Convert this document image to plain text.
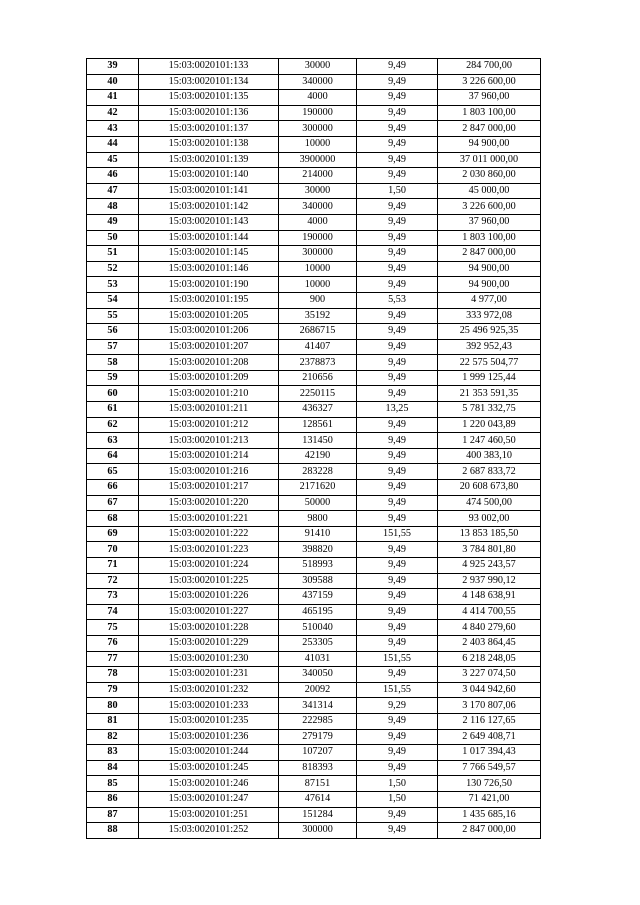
39	15:03:0020101:133	30000	9,49	284 700,00
40	15:03:0020101:134	340000	9,49	3 226 600,00
41	15:03:0020101:135	4000	9,49	37 960,00
42	15:03:0020101:136	190000	9,49	1 803 100,00
43	15:03:0020101:137	300000	9,49	2 847 000,00
44	15:03:0020101:138	10000	9,49	94 900,00
45	15:03:0020101:139	3900000	9,49	37 011 000,00
46	15:03:0020101:140	214000	9,49	2 030 860,00
47	15:03:0020101:141	30000	1,50	45 000,00
48	15:03:0020101:142	340000	9,49	3 226 600,00
49	15:03:0020101:143	4000	9,49	37 960,00
50	15:03:0020101:144	190000	9,49	1 803 100,00
51	15:03:0020101:145	300000	9,49	2 847 000,00
52	15:03:0020101:146	10000	9,49	94 900,00
53	15:03:0020101:190	10000	9,49	94 900,00
54	15:03:0020101:195	900	5,53	4 977,00
55	15:03:0020101:205	35192	9,49	333 972,08
56	15:03:0020101:206	2686715	9,49	25 496 925,35
57	15:03:0020101:207	41407	9,49	392 952,43
58	15:03:0020101:208	2378873	9,49	22 575 504,77
59	15:03:0020101:209	210656	9,49	1 999 125,44
60	15:03:0020101:210	2250115	9,49	21 353 591,35
61	15:03:0020101:211	436327	13,25	5 781 332,75
62	15:03:0020101:212	128561	9,49	1 220 043,89
63	15:03:0020101:213	131450	9,49	1 247 460,50
64	15:03:0020101:214	42190	9,49	400 383,10
65	15:03:0020101:216	283228	9,49	2 687 833,72
66	15:03:0020101:217	2171620	9,49	20 608 673,80
67	15:03:0020101:220	50000	9,49	474 500,00
68	15:03:0020101:221	9800	9,49	93 002,00
69	15:03:0020101:222	91410	151,55	13 853 185,50
70	15:03:0020101:223	398820	9,49	3 784 801,80
71	15:03:0020101:224	518993	9,49	4 925 243,57
72	15:03:0020101:225	309588	9,49	2 937 990,12
73	15:03:0020101:226	437159	9,49	4 148 638,91
74	15:03:0020101:227	465195	9,49	4 414 700,55
75	15:03:0020101:228	510040	9,49	4 840 279,60
76	15:03:0020101:229	253305	9,49	2 403 864,45
77	15:03:0020101:230	41031	151,55	6 218 248,05
78	15:03:0020101:231	340050	9,49	3 227 074,50
79	15:03:0020101:232	20092	151,55	3 044 942,60
80	15:03:0020101:233	341314	9,29	3 170 807,06
81	15:03:0020101:235	222985	9,49	2 116 127,65
82	15:03:0020101:236	279179	9,49	2 649 408,71
83	15:03:0020101:244	107207	9,49	1 017 394,43
84	15:03:0020101:245	818393	9,49	7 766 549,57
85	15:03:0020101:246	87151	1,50	130 726,50
86	15:03:0020101:247	47614	1,50	71 421,00
87	15:03:0020101:251	151284	9,49	1 435 685,16
88	15:03:0020101:252	300000	9,49	2 847 000,00
